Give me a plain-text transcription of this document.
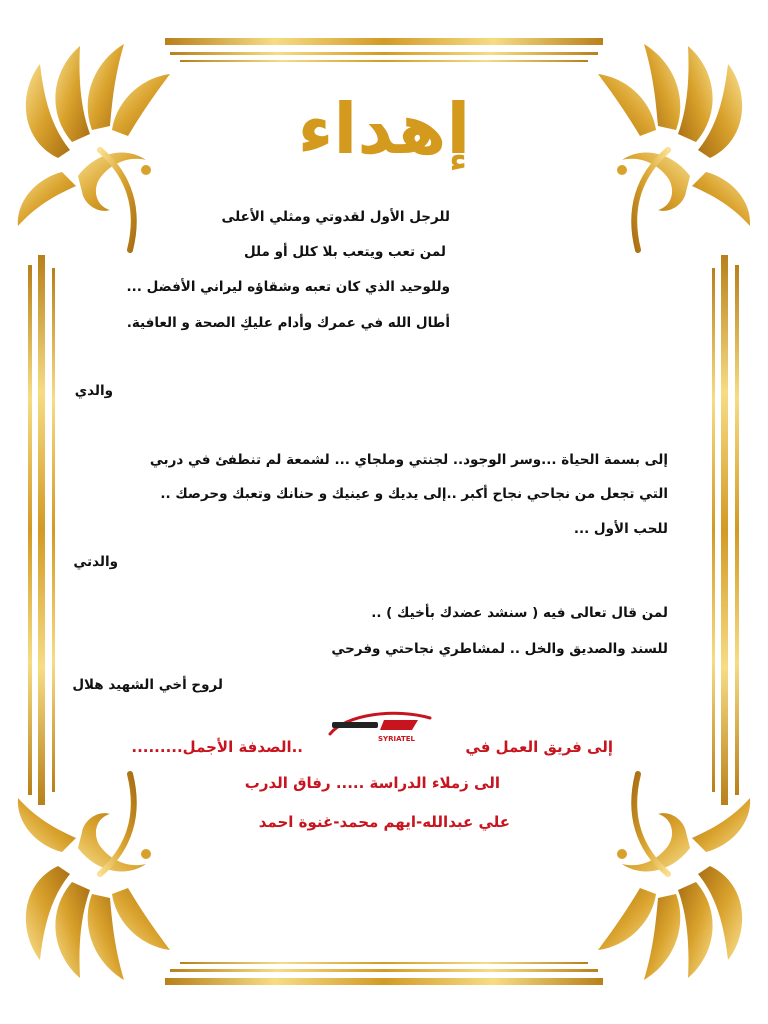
إهداء
للرجل الأول لقدوتي ومثلي الأعلى
لمن تعب ويتعب بلا كلل أو ملل
وللوحيد الذي كان تعبه وشقاؤه ليراني الأفضل ...
أطال الله في عمرك وأدام عليكِ الصحة و العافية.
والدي
إلى بسمة الحياة ...وسر الوجود.. لجنتي وملجاي ... لشمعة لم تنطفئ في دربي
التي تجعل من نجاحي نجاح أكبر ..إلى يديك و عينيك و حنانك وتعبك وحرصك ..
للحب الأول ...
والدتي
لمن قال تعالى فيه ( سنشد عضدك بأخيك ) ..
للسند والصديق والخل .. لمشاطري نجاحتي وفرحي
لروح أخي الشهيد هلال
إلى فريق العمل في
SYRIATEL
..الصدفة الأجمل.........
الى زملاء الدراسة ..... رفاق الدرب
علي عبدالله-ايهم محمد-غنوة احمد
